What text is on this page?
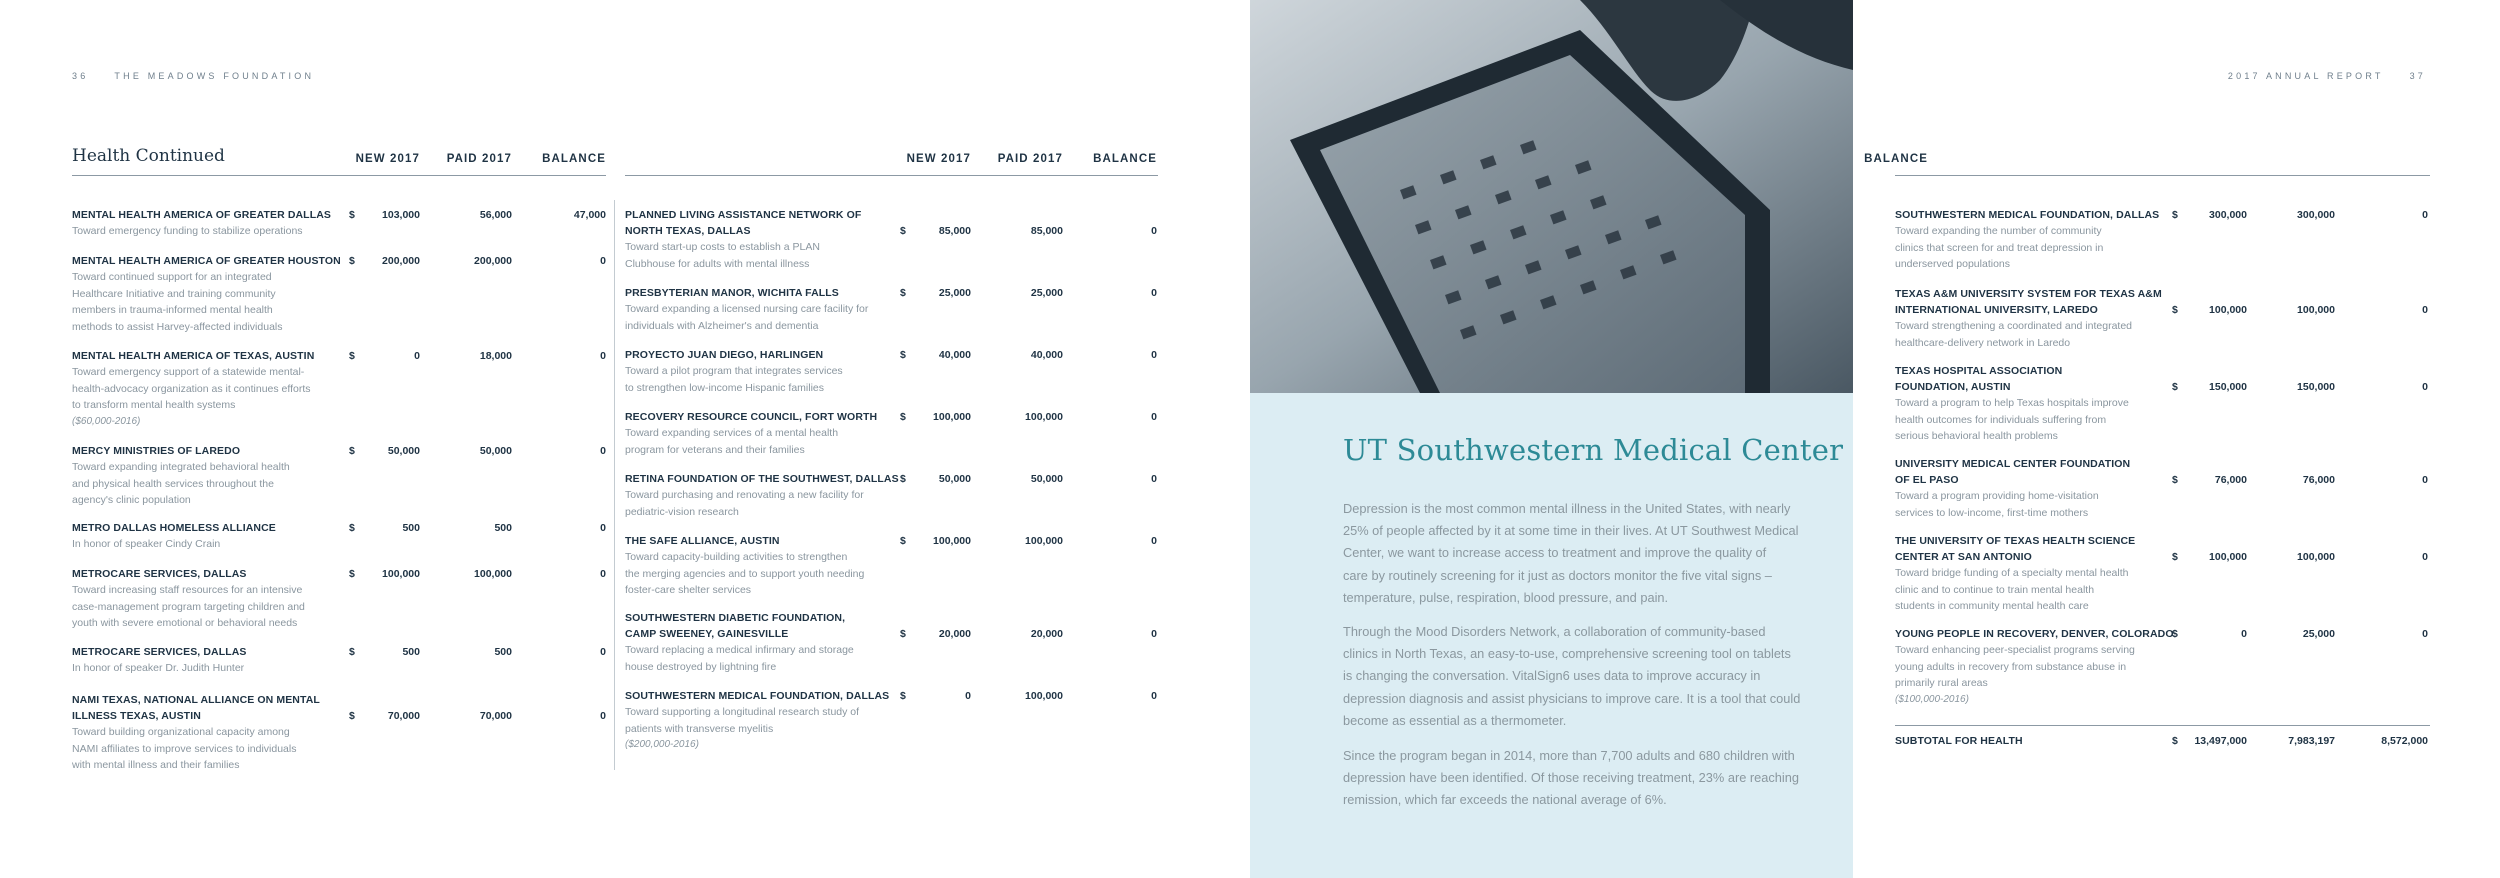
36	THE MEADOWS FOUNDATION	2017 ANNUAL REPORT	37
Health Continued	NEW 2017	PAID 2017	BALANCE	NEW 2017	PAID 2017	BALANCE	BALANCE
MENTAL HEALTH AMERICA OF GREATER DALLAS
Toward emergency funding to stabilize operations
$	103,000	56,000	47,000
MENTAL HEALTH AMERICA OF GREATER HOUSTON
Toward continued support for an integrated
Healthcare Initiative and training community
members in trauma-informed mental health
methods to assist Harvey-affected individuals
$	200,000	200,000	0
MENTAL HEALTH AMERICA OF TEXAS, AUSTIN
Toward emergency support of a statewide mental-
health-advocacy organization as it continues efforts
to transform mental health systems
($60,000-2016)
$	0	18,000	0
MERCY MINISTRIES OF LAREDO
Toward expanding integrated behavioral health
and physical health services throughout the
agency's clinic population
$	50,000	50,000	0
METRO DALLAS HOMELESS ALLIANCE
In honor of speaker Cindy Crain
$	500	500	0
METROCARE SERVICES, DALLAS
Toward increasing staff resources for an intensive
case-management program targeting children and
youth with severe emotional or behavioral needs
$	100,000	100,000	0
METROCARE SERVICES, DALLAS
In honor of speaker Dr. Judith Hunter
$	500	500	0
NAMI TEXAS, NATIONAL ALLIANCE ON MENTAL
ILLNESS TEXAS, AUSTIN
Toward building organizational capacity among
NAMI affiliates to improve services to individuals
with mental illness and their families
$	70,000	70,000	0
PLANNED LIVING ASSISTANCE NETWORK OF
NORTH TEXAS, DALLAS
Toward start-up costs to establish a PLAN
Clubhouse for adults with mental illness
$	85,000	85,000	0
PRESBYTERIAN MANOR, WICHITA FALLS
Toward expanding a licensed nursing care facility for
individuals with Alzheimer's and dementia
$	25,000	25,000	0
PROYECTO JUAN DIEGO, HARLINGEN
Toward a pilot program that integrates services
to strengthen low-income Hispanic families
$	40,000	40,000	0
RECOVERY RESOURCE COUNCIL, FORT WORTH
Toward expanding services of a mental health
program for veterans and their families
$	100,000	100,000	0
RETINA FOUNDATION OF THE SOUTHWEST, DALLAS
Toward purchasing and renovating a new facility for
pediatric-vision research
$	50,000	50,000	0
THE SAFE ALLIANCE, AUSTIN
Toward capacity-building activities to strengthen
the merging agencies and to support youth needing
foster-care shelter services
$	100,000	100,000	0
SOUTHWESTERN DIABETIC FOUNDATION,
CAMP SWEENEY, GAINESVILLE
Toward replacing a medical infirmary and storage
house destroyed by lightning fire
$	20,000	20,000	0
SOUTHWESTERN MEDICAL FOUNDATION, DALLAS
Toward supporting a longitudinal research study of
patients with transverse myelitis
($200,000-2016)
$	0	100,000	0
SOUTHWESTERN MEDICAL FOUNDATION, DALLAS
Toward expanding the number of community
clinics that screen for and treat depression in
underserved populations
$	300,000	300,000	0
TEXAS A&M UNIVERSITY SYSTEM FOR TEXAS A&M
INTERNATIONAL UNIVERSITY, LAREDO
Toward strengthening a coordinated and integrated
healthcare-delivery network in Laredo
$	100,000	100,000	0
TEXAS HOSPITAL ASSOCIATION
FOUNDATION, AUSTIN
Toward a program to help Texas hospitals improve
health outcomes for individuals suffering from
serious behavioral health problems
$	150,000	150,000	0
UNIVERSITY MEDICAL CENTER FOUNDATION
OF EL PASO
Toward a program providing home-visitation
services to low-income, first-time mothers
$	76,000	76,000	0
THE UNIVERSITY OF TEXAS HEALTH SCIENCE
CENTER AT SAN ANTONIO
Toward bridge funding of a specialty mental health
clinic and to continue to train mental health
students in community mental health care
$	100,000	100,000	0
YOUNG PEOPLE IN RECOVERY, DENVER, COLORADO
Toward enhancing peer-specialist programs serving
young adults in recovery from substance abuse in
primarily rural areas
($100,000-2016)
$	0	25,000	0
SUBTOTAL FOR HEALTH	$	13,497,000	7,983,197	8,572,000
UT Southwestern Medical Center
Depression is the most common mental illness in the United States, with nearly
25% of people affected by it at some time in their lives. At UT Southwest Medical
Center, we want to increase access to treatment and improve the quality of
care by routinely screening for it just as doctors monitor the five vital signs –
temperature, pulse, respiration, blood pressure, and pain.
Through the Mood Disorders Network, a collaboration of community-based
clinics in North Texas, an easy-to-use, comprehensive screening tool on tablets
is changing the conversation. VitalSign6 uses data to improve accuracy in
depression diagnosis and assist physicians to improve care. It is a tool that could
become as essential as a thermometer.
Since the program began in 2014, more than 7,700 adults and 680 children with
depression have been identified. Of those receiving treatment, 23% are reaching
remission, which far exceeds the national average of 6%.
